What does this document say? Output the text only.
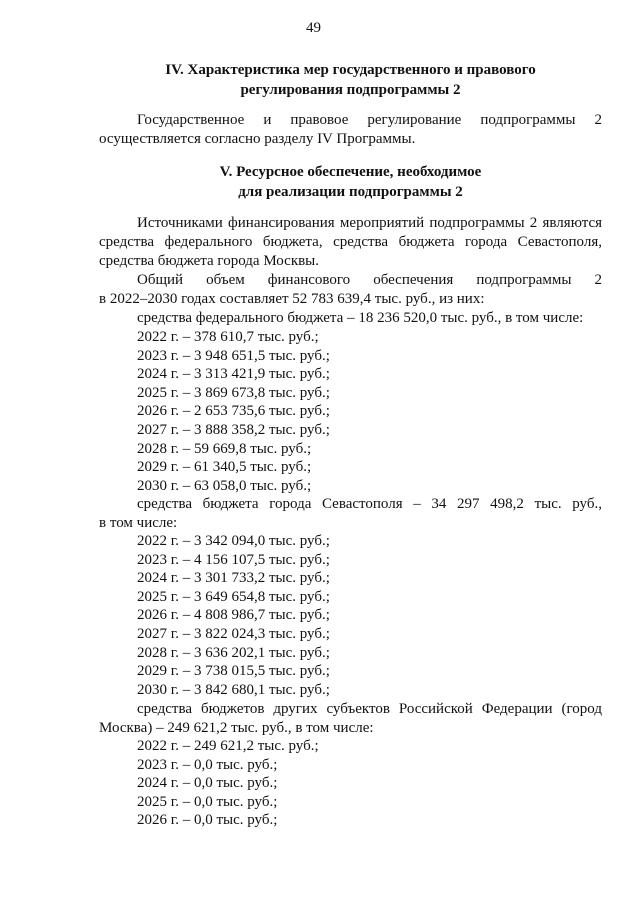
49
IV. Характеристика мер государственного и правового
регулирования подпрограммы 2
Государственное и правовое регулирование подпрограммы 2
осуществляется согласно разделу IV Программы.
V. Ресурсное обеспечение, необходимое
для реализации подпрограммы 2
Источниками финансирования мероприятий подпрограммы 2 являются
средства федерального бюджета, средства бюджета города Севастополя,
средства бюджета города Москвы.
Общий объем финансового обеспечения подпрограммы 2
в 2022–2030 годах составляет 52 783 639,4 тыс. руб., из них:
средства федерального бюджета – 18 236 520,0 тыс. руб., в том числе:
2022 г. – 378 610,7 тыс. руб.;
2023 г. – 3 948 651,5 тыс. руб.;
2024 г. – 3 313 421,9 тыс. руб.;
2025 г. – 3 869 673,8 тыс. руб.;
2026 г. – 2 653 735,6 тыс. руб.;
2027 г. – 3 888 358,2 тыс. руб.;
2028 г. – 59 669,8 тыс. руб.;
2029 г. – 61 340,5 тыс. руб.;
2030 г. – 63 058,0 тыс. руб.;
средства бюджета города Севастополя – 34 297 498,2 тыс. руб.,
в том числе:
2022 г. – 3 342 094,0 тыс. руб.;
2023 г. – 4 156 107,5 тыс. руб.;
2024 г. – 3 301 733,2 тыс. руб.;
2025 г. – 3 649 654,8 тыс. руб.;
2026 г. – 4 808 986,7 тыс. руб.;
2027 г. – 3 822 024,3 тыс. руб.;
2028 г. – 3 636 202,1 тыс. руб.;
2029 г. – 3 738 015,5 тыс. руб.;
2030 г. – 3 842 680,1 тыс. руб.;
средства бюджетов других субъектов Российской Федерации (город
Москва) – 249 621,2 тыс. руб., в том числе:
2022 г. – 249 621,2 тыс. руб.;
2023 г. – 0,0 тыс. руб.;
2024 г. – 0,0 тыс. руб.;
2025 г. – 0,0 тыс. руб.;
2026 г. – 0,0 тыс. руб.;
